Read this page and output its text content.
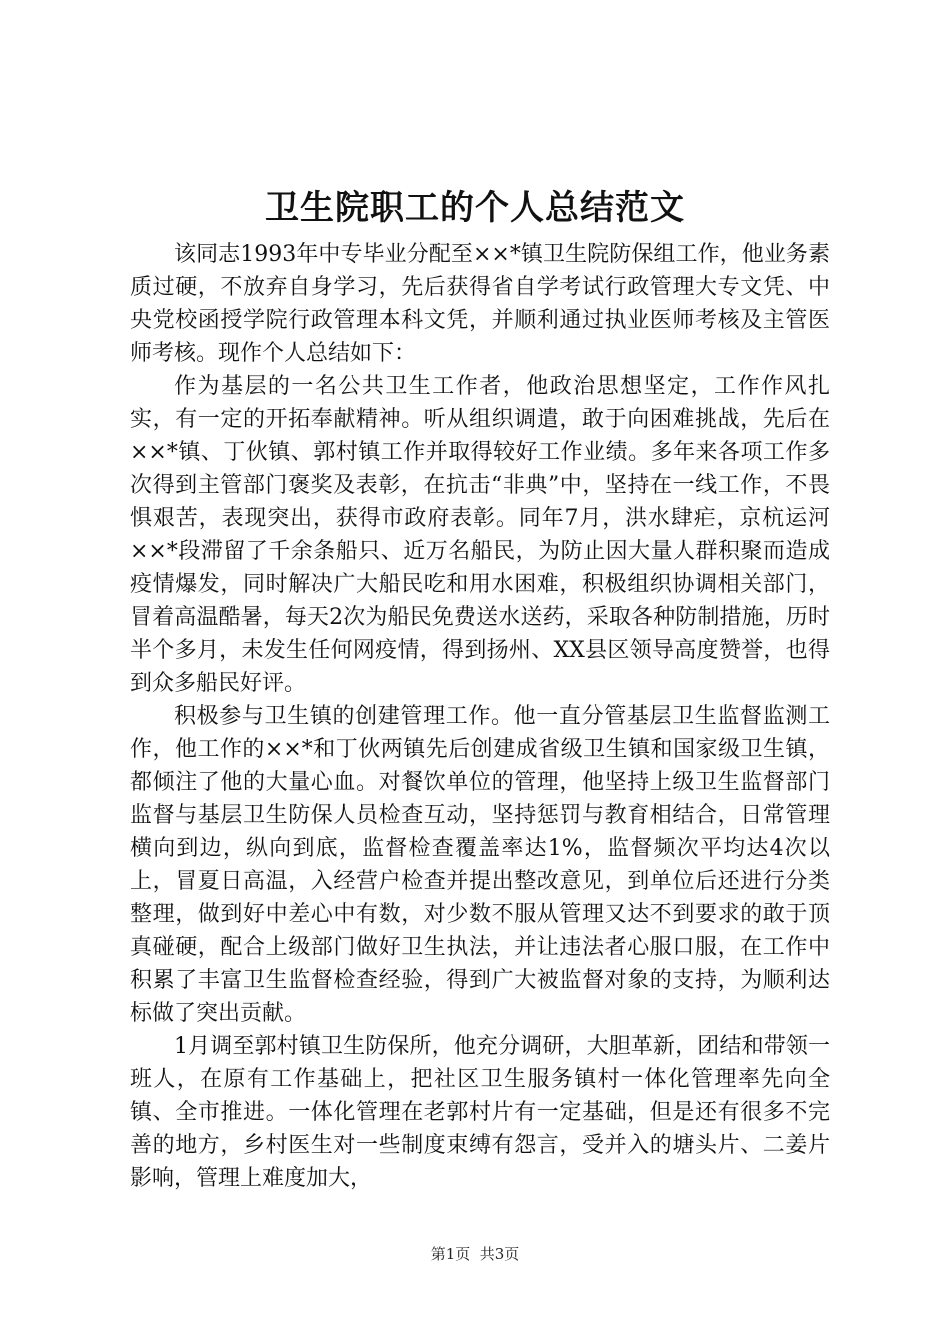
卫生院职工的个人总结范文

该同志1993年中专毕业分配至××*镇卫生院防保组工作，他业务素质过硬，不放弃自身学习，先后获得省自学考试行政管理大专文凭、中央党校函授学院行政管理本科文凭，并顺利通过执业医师考核及主管医师考核。现作个人总结如下：

作为基层的一名公共卫生工作者，他政治思想坚定，工作作风扎实，有一定的开拓奉献精神。听从组织调遣，敢于向困难挑战，先后在××*镇、丁伙镇、郭村镇工作并取得较好工作业绩。多年来各项工作多次得到主管部门褒奖及表彰，在抗击“非典”中，坚持在一线工作，不畏惧艰苦，表现突出，获得市政府表彰。同年7月，洪水肆疟，京杭运河××*段滞留了千余条船只、近万名船民，为防止因大量人群积聚而造成疫情爆发，同时解决广大船民吃和用水困难，积极组织协调相关部门，冒着高温酷暑，每天2次为船民免费送水送药，采取各种防制措施，历时半个多月，未发生任何网疫情，得到扬州、XX县区领导高度赞誉，也得到众多船民好评。

积极参与卫生镇的创建管理工作。他一直分管基层卫生监督监测工作，他工作的××*和丁伙两镇先后创建成省级卫生镇和国家级卫生镇，都倾注了他的大量心血。对餐饮单位的管理，他坚持上级卫生监督部门监督与基层卫生防保人员检查互动，坚持惩罚与教育相结合，日常管理横向到边，纵向到底，监督检查覆盖率达1%，监督频次平均达4次以上，冒夏日高温，入经营户检查并提出整改意见，到单位后还进行分类整理，做到好中差心中有数，对少数不服从管理又达不到要求的敢于顶真碰硬，配合上级部门做好卫生执法，并让违法者心服口服，在工作中积累了丰富卫生监督检查经验，得到广大被监督对象的支持，为顺利达标做了突出贡献。

1月调至郭村镇卫生防保所，他充分调研，大胆革新，团结和带领一班人，在原有工作基础上，把社区卫生服务镇村一体化管理率先向全镇、全市推进。一体化管理在老郭村片有一定基础，但是还有很多不完善的地方，乡村医生对一些制度束缚有怨言，受并入的塘头片、二姜片影响，管理上难度加大，

第1页  共3页
